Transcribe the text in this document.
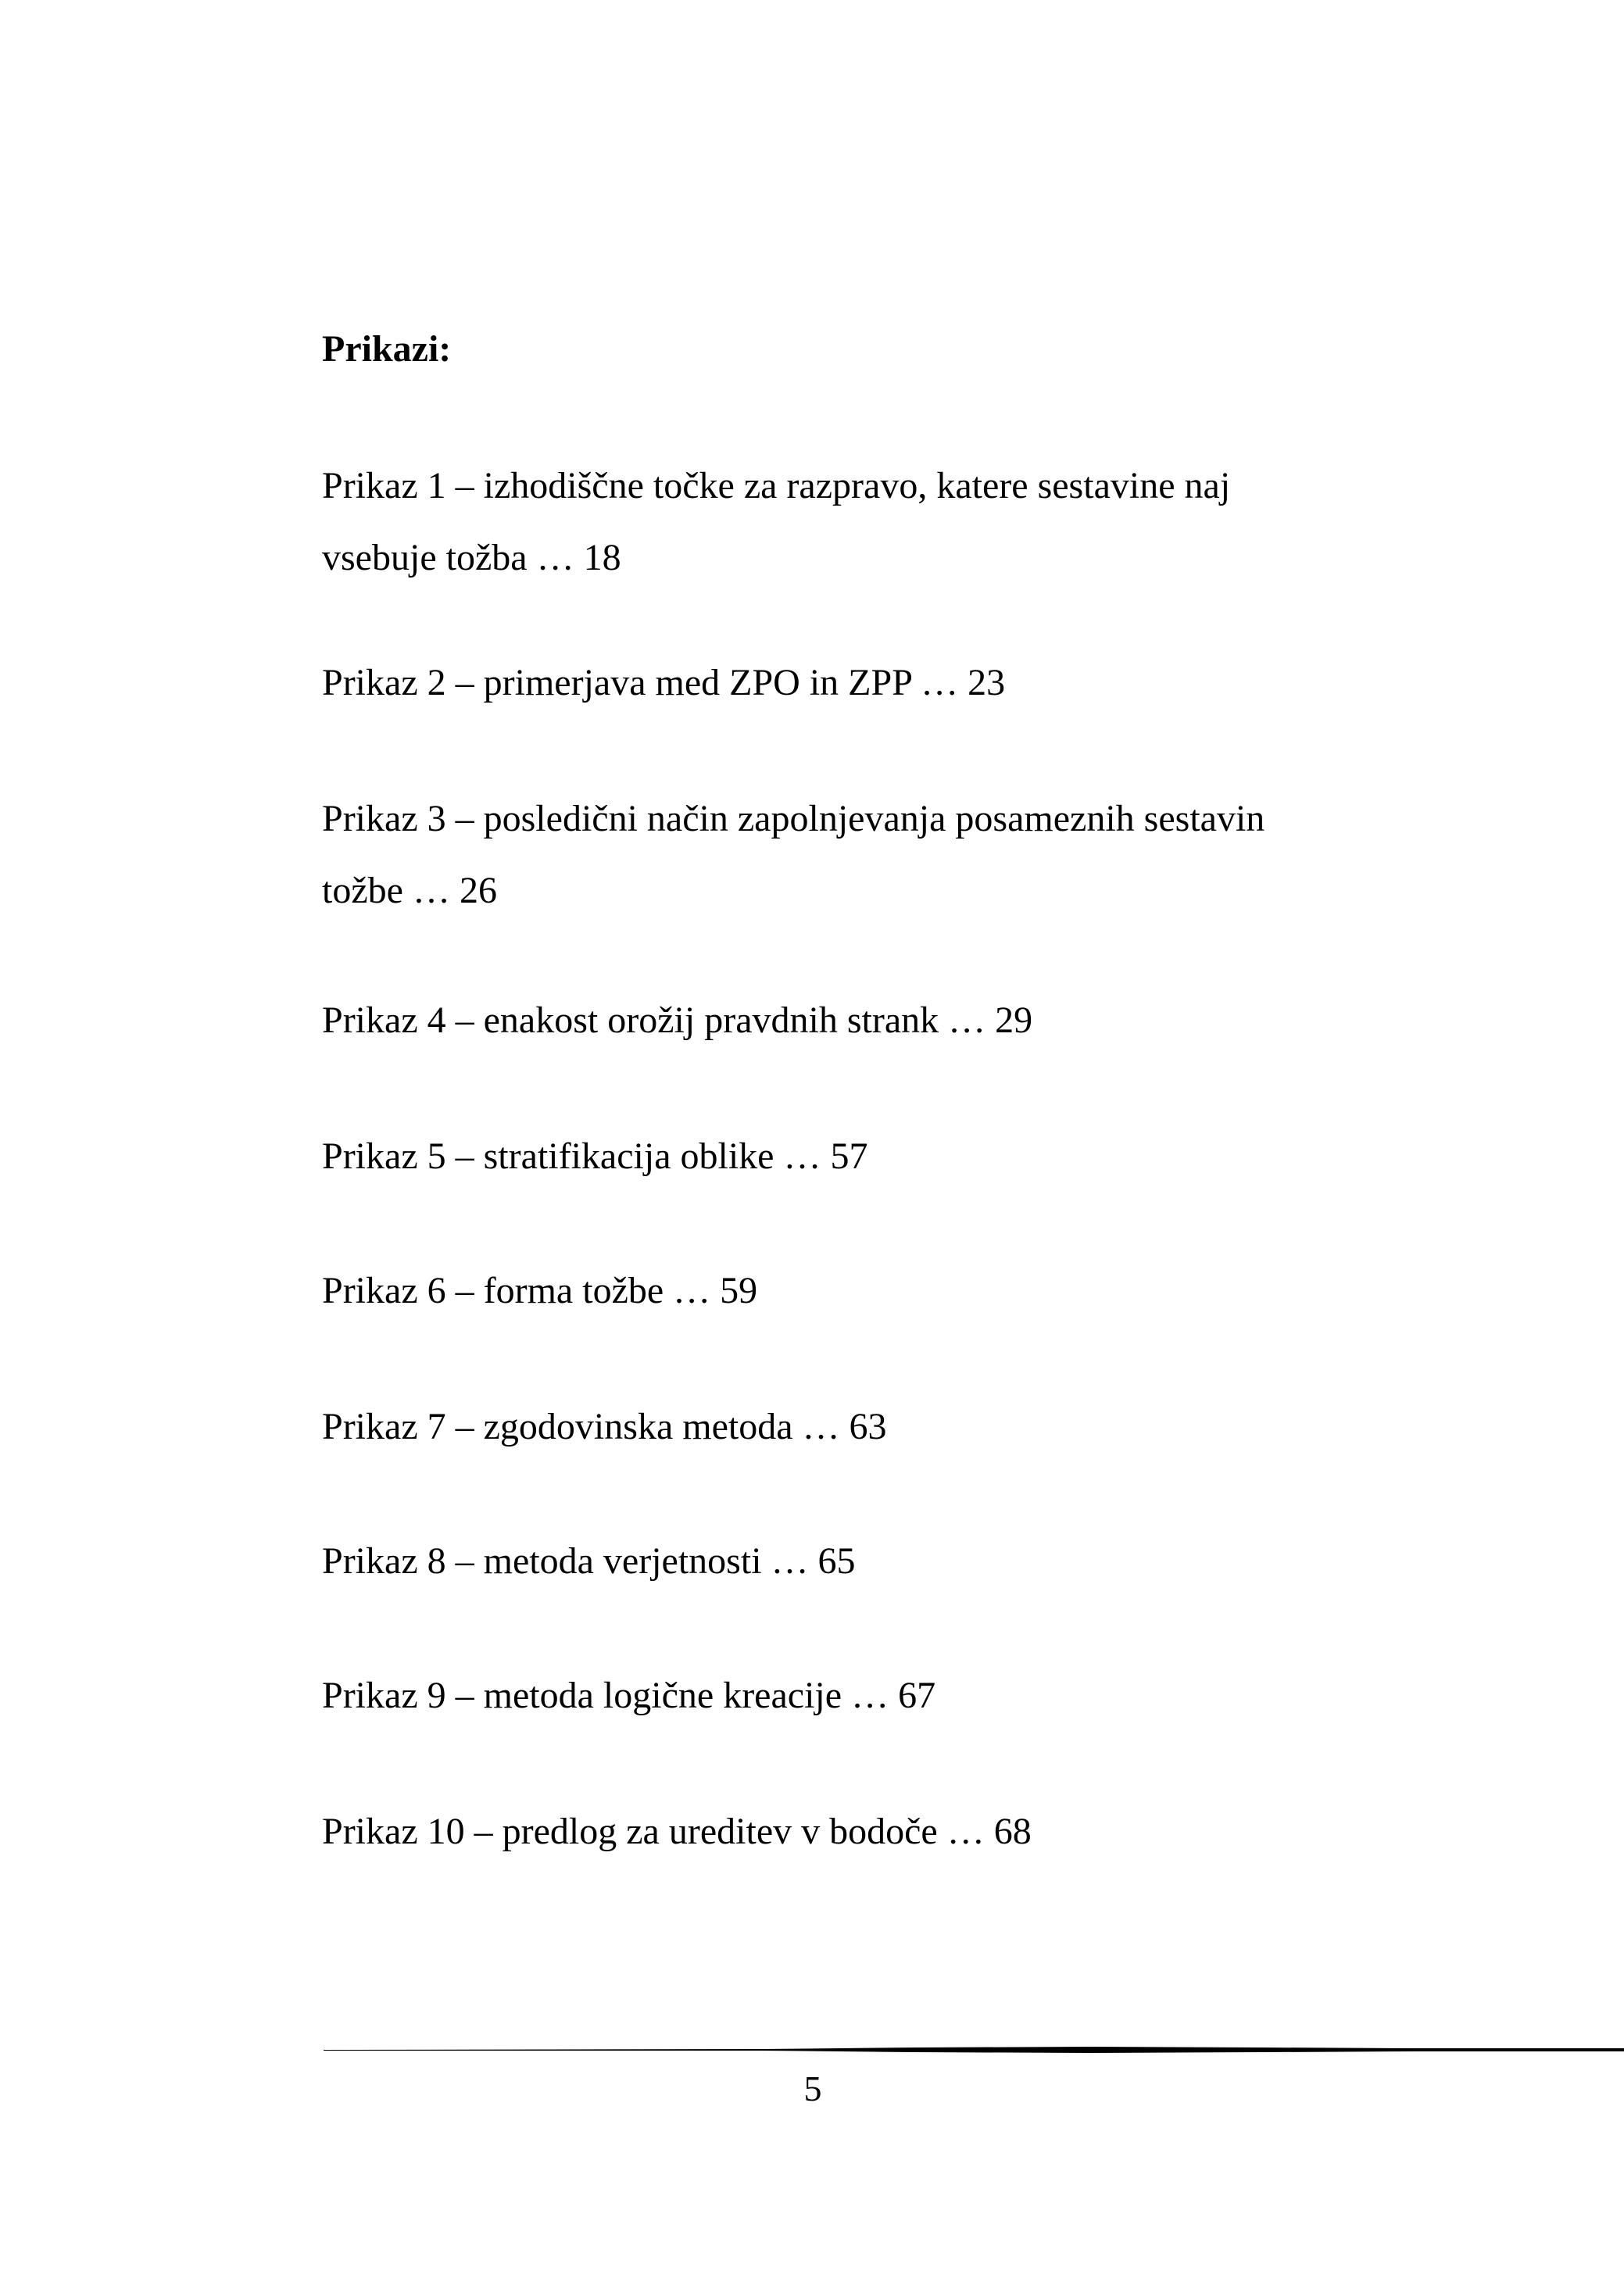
Prikazi:

Prikaz 1 – izhodiščne točke za razpravo, katere sestavine naj vsebuje tožba … 18

Prikaz 2 – primerjava med ZPO in ZPP … 23

Prikaz 3 – posledični način zapolnjevanja posameznih sestavin tožbe … 26

Prikaz 4 – enakost orožij pravdnih strank … 29

Prikaz 5 – stratifikacija oblike … 57

Prikaz 6 – forma tožbe … 59

Prikaz 7 – zgodovinska metoda … 63

Prikaz 8 – metoda verjetnosti … 65

Prikaz 9 – metoda logične kreacije … 67

Prikaz 10 – predlog za ureditev v bodoče … 68

5
